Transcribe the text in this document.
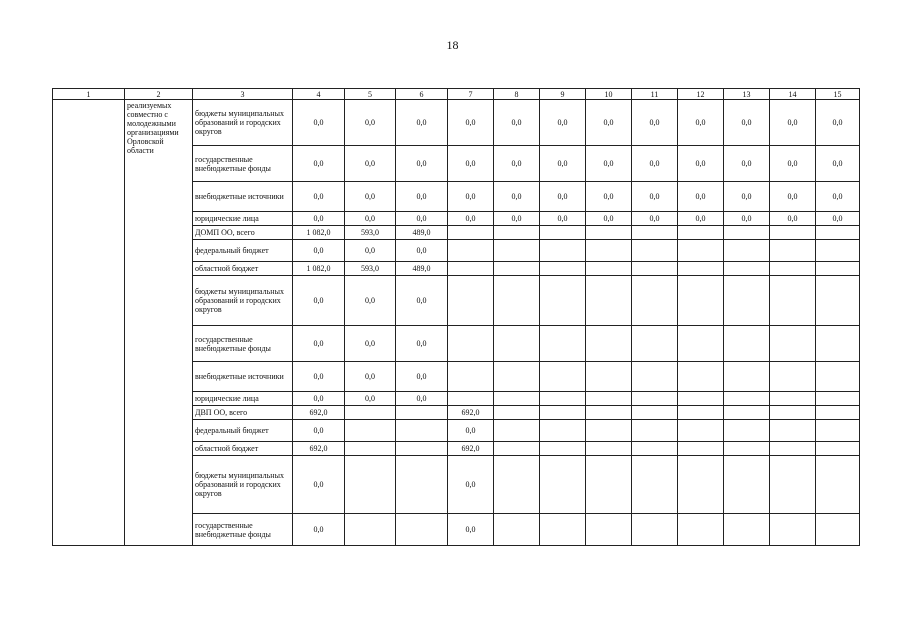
18
1	2	3	4	5	6	7	8	9	10	11	12	13	14	15
	реализуемых совместно с молодежными организациями Орловской области	бюджеты муниципальных образований и городских округов	0,0	0,0	0,0	0,0	0,0	0,0	0,0	0,0	0,0	0,0	0,0	0,0
		государственные внебюджетные фонды	0,0	0,0	0,0	0,0	0,0	0,0	0,0	0,0	0,0	0,0	0,0	0,0
		внебюджетные источники	0,0	0,0	0,0	0,0	0,0	0,0	0,0	0,0	0,0	0,0	0,0	0,0
		юридические лица	0,0	0,0	0,0	0,0	0,0	0,0	0,0	0,0	0,0	0,0	0,0	0,0
		ДОМП ОО, всего	1 082,0	593,0	489,0									
		федеральный бюджет	0,0	0,0	0,0									
		областной бюджет	1 082,0	593,0	489,0									
		бюджеты муниципальных образований и городских округов	0,0	0,0	0,0									
		государственные внебюджетные фонды	0,0	0,0	0,0									
		внебюджетные источники	0,0	0,0	0,0									
		юридические лица	0,0	0,0	0,0									
		ДВП ОО, всего	692,0			692,0								
		федеральный бюджет	0,0			0,0								
		областной бюджет	692,0			692,0								
		бюджеты муниципальных образований и городских округов	0,0			0,0								
		государственные внебюджетные фонды	0,0			0,0								
